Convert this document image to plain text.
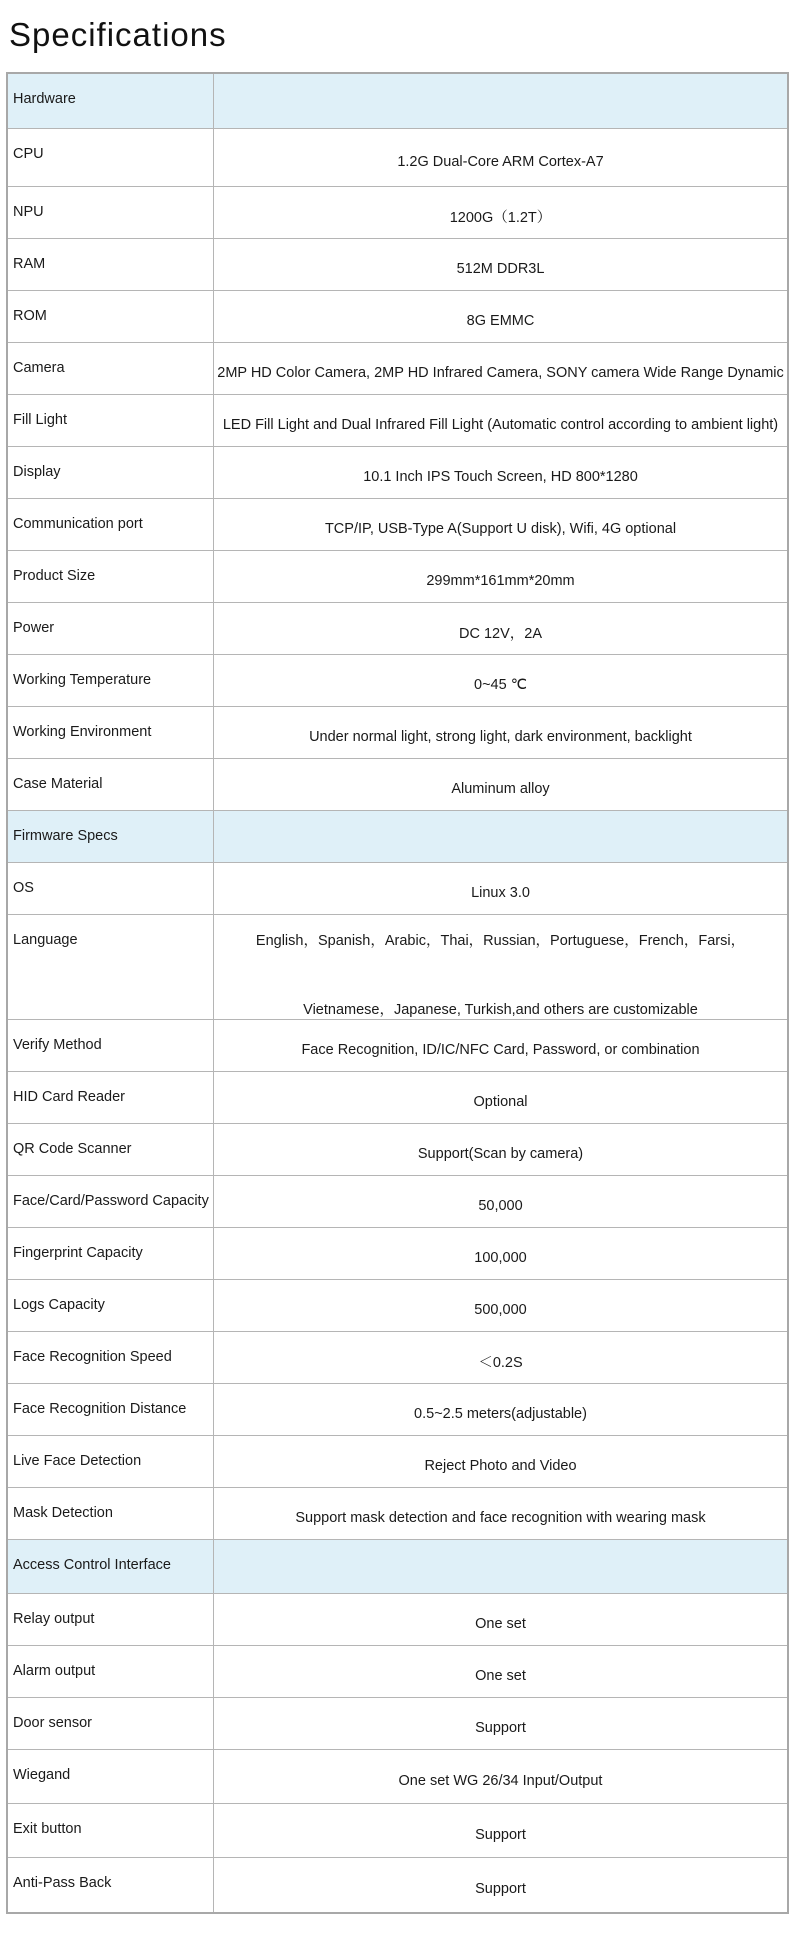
Specifications
Hardware
CPU	1.2G Dual-Core ARM Cortex-A7
NPU	1200G（1.2T）
RAM	512M DDR3L
ROM	8G EMMC
Camera	2MP HD Color Camera, 2MP HD Infrared Camera, SONY camera Wide Range Dynamic
Fill Light	LED Fill Light and Dual Infrared Fill Light (Automatic control according to ambient light)
Display	10.1 Inch IPS Touch Screen, HD 800*1280
Communication port	TCP/IP, USB-Type A(Support U disk), Wifi, 4G optional
Product Size	299mm*161mm*20mm
Power	DC 12V，2A
Working Temperature	0~45 ℃
Working Environment	Under normal light, strong light, dark environment, backlight
Case Material	Aluminum alloy
Firmware Specs
OS	Linux 3.0
Language	English，Spanish，Arabic，Thai，Russian，Portuguese，French，Farsi，
Vietnamese，Japanese, Turkish,and others are customizable
Verify Method	Face Recognition, ID/IC/NFC Card, Password, or combination
HID Card Reader	Optional
QR Code Scanner	Support(Scan by camera)
Face/Card/Password Capacity	50,000
Fingerprint Capacity	100,000
Logs Capacity	500,000
Face Recognition Speed	＜0.2S
Face Recognition Distance	0.5~2.5 meters(adjustable)
Live Face Detection	Reject Photo and Video
Mask Detection	Support mask detection and face recognition with wearing mask
Access Control Interface
Relay output	One set
Alarm output	One set
Door sensor	Support
Wiegand	One set WG 26/34 Input/Output
Exit button	Support
Anti-Pass Back	Support
